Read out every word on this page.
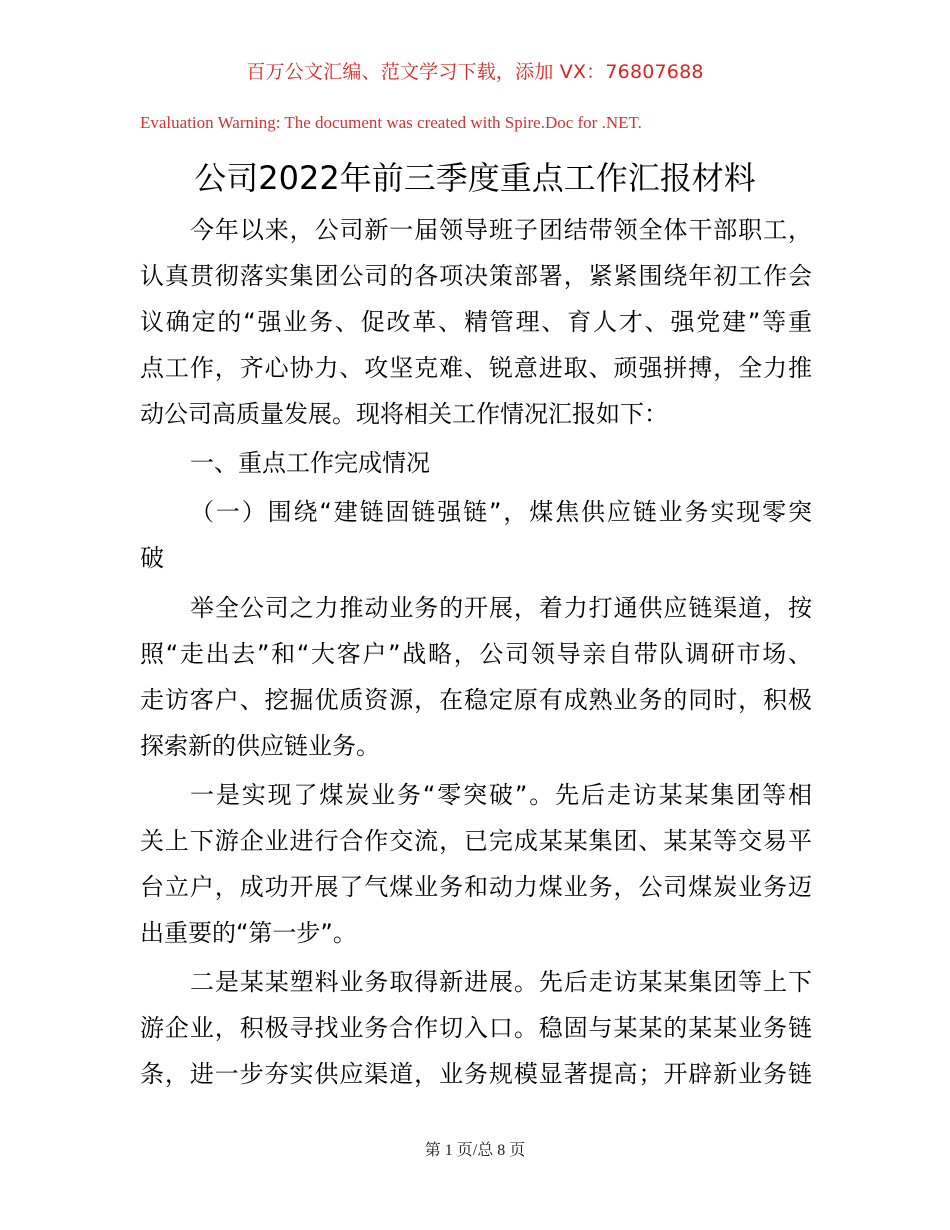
百万公文汇编、范文学习下载，添加 VX：76807688
Evaluation Warning: The document was created with Spire.Doc for .NET.
公司2022年前三季度重点工作汇报材料
今年以来，公司新一届领导班子团结带领全体干部职工，
认真贯彻落实集团公司的各项决策部署，紧紧围绕年初工作会
议确定的“强业务、促改革、精管理、育人才、强党建”等重
点工作，齐心协力、攻坚克难、锐意进取、顽强拼搏，全力推
动公司高质量发展。现将相关工作情况汇报如下：
一、重点工作完成情况
（一）围绕“建链固链强链”，煤焦供应链业务实现零突
破
举全公司之力推动业务的开展，着力打通供应链渠道，按
照“走出去”和“大客户”战略，公司领导亲自带队调研市场、
走访客户、挖掘优质资源，在稳定原有成熟业务的同时，积极
探索新的供应链业务。
一是实现了煤炭业务“零突破”。先后走访某某集团等相
关上下游企业进行合作交流，已完成某某集团、某某等交易平
台立户，成功开展了气煤业务和动力煤业务，公司煤炭业务迈
出重要的“第一步”。
二是某某塑料业务取得新进展。先后走访某某集团等上下
游企业，积极寻找业务合作切入口。稳固与某某的某某业务链
条，进一步夯实供应渠道，业务规模显著提高；开辟新业务链
第 1 页/总 8 页
